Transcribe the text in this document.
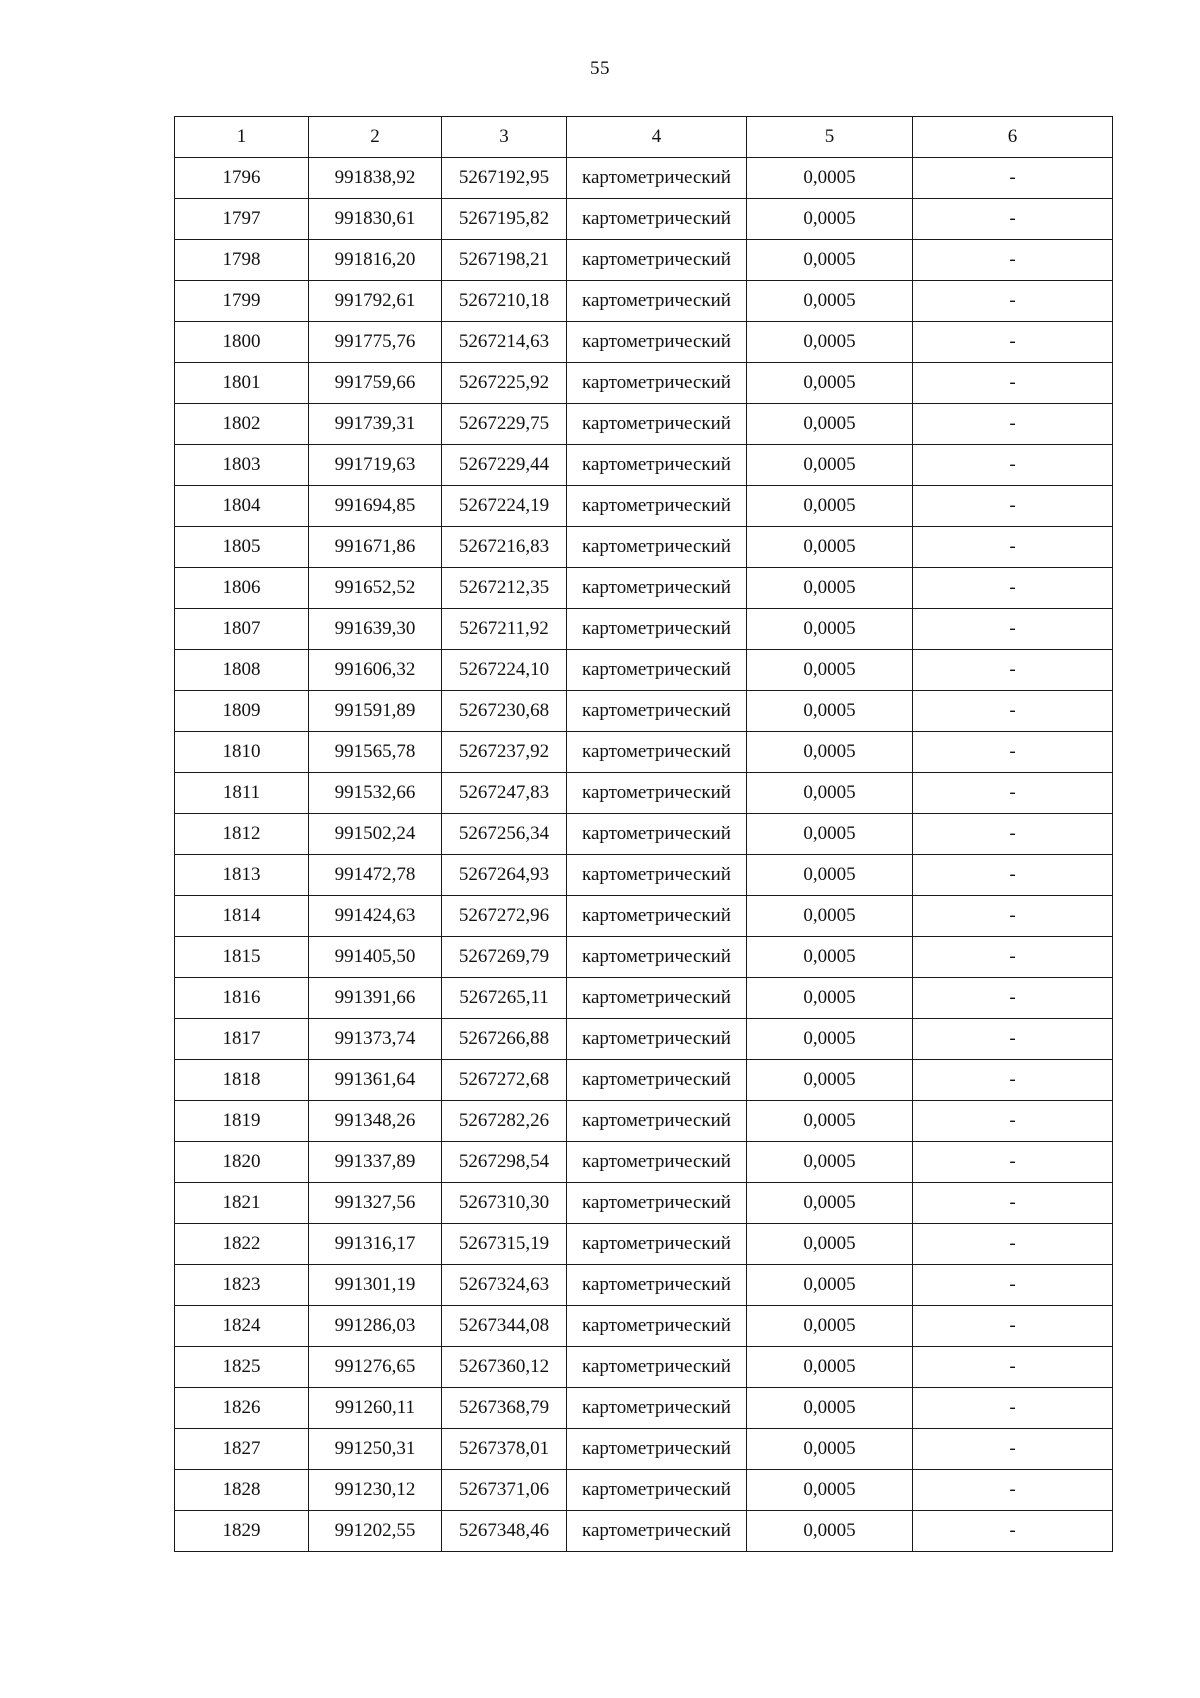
55
1	2	3	4	5	6
1796	991838,92	5267192,95	картометрический	0,0005	-
1797	991830,61	5267195,82	картометрический	0,0005	-
1798	991816,20	5267198,21	картометрический	0,0005	-
1799	991792,61	5267210,18	картометрический	0,0005	-
1800	991775,76	5267214,63	картометрический	0,0005	-
1801	991759,66	5267225,92	картометрический	0,0005	-
1802	991739,31	5267229,75	картометрический	0,0005	-
1803	991719,63	5267229,44	картометрический	0,0005	-
1804	991694,85	5267224,19	картометрический	0,0005	-
1805	991671,86	5267216,83	картометрический	0,0005	-
1806	991652,52	5267212,35	картометрический	0,0005	-
1807	991639,30	5267211,92	картометрический	0,0005	-
1808	991606,32	5267224,10	картометрический	0,0005	-
1809	991591,89	5267230,68	картометрический	0,0005	-
1810	991565,78	5267237,92	картометрический	0,0005	-
1811	991532,66	5267247,83	картометрический	0,0005	-
1812	991502,24	5267256,34	картометрический	0,0005	-
1813	991472,78	5267264,93	картометрический	0,0005	-
1814	991424,63	5267272,96	картометрический	0,0005	-
1815	991405,50	5267269,79	картометрический	0,0005	-
1816	991391,66	5267265,11	картометрический	0,0005	-
1817	991373,74	5267266,88	картометрический	0,0005	-
1818	991361,64	5267272,68	картометрический	0,0005	-
1819	991348,26	5267282,26	картометрический	0,0005	-
1820	991337,89	5267298,54	картометрический	0,0005	-
1821	991327,56	5267310,30	картометрический	0,0005	-
1822	991316,17	5267315,19	картометрический	0,0005	-
1823	991301,19	5267324,63	картометрический	0,0005	-
1824	991286,03	5267344,08	картометрический	0,0005	-
1825	991276,65	5267360,12	картометрический	0,0005	-
1826	991260,11	5267368,79	картометрический	0,0005	-
1827	991250,31	5267378,01	картометрический	0,0005	-
1828	991230,12	5267371,06	картометрический	0,0005	-
1829	991202,55	5267348,46	картометрический	0,0005	-
